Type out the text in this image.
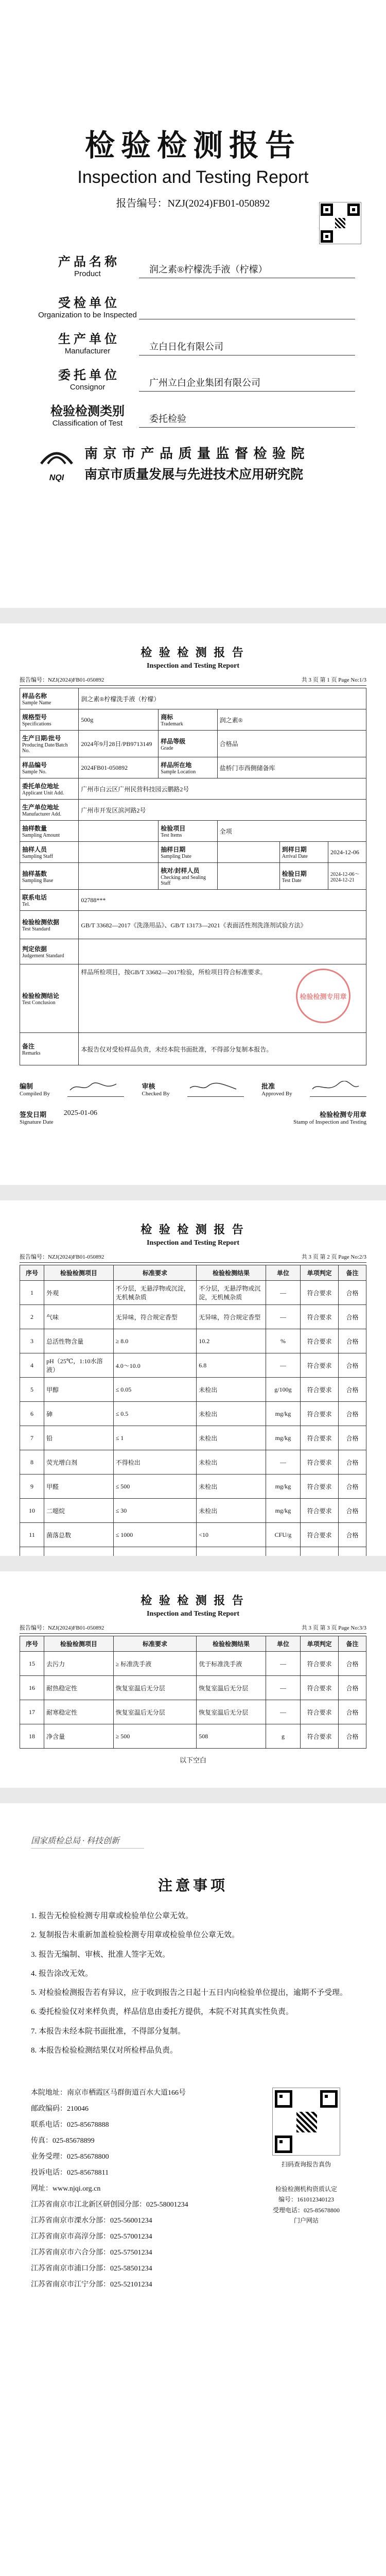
检验检测报告
Inspection and Testing Report
报告编号：NZJ(2024)FB01-050892
产 品 名 称
Product	润之素®柠檬洗手液（柠檬）
受 检 单 位
Organization to be Inspected
生 产 单 位
Manufacturer	立白日化有限公司
委 托 单 位
Consignor	广州立白企业集团有限公司
检验检测类别
Classification of Test	委托检验
NQI
南 京 市 产 品 质 量 监 督 检 验 院
南京市质量发展与先进技术应用研究院
检 验 检 测 报 告
Inspection and Testing Report
报告编号：NZJ(2024)FB01-050892	共 3 页 第 1 页 Page No:1/3
样品名称
Sample Name	润之素®柠檬洗手液（柠檬）				
规格型号
Specifications	500g	商标
Trademark	润之素®		
生产日期/批号
Producing Date/Batch No.	2024年9月28日/PB9713149	样品等级
Grade	合格品		
样品编号
Sample No.	2024FB01-050892	样品所在地
Sample Location	盐桥门市西侧储备库		
委托单位地址
Applicant Unit Add.	广州市白云区广州民营科技园云鹏路2号				
生产单位地址
Manufacturer Add.	广州市开发区滨河路2号				
抽样数量
Sampling Amount		检验项目
Test Items	全项		
抽样人员
Sampling Staff		抽样日期
Sampling Date		到样日期
Arrival Date	2024-12-06
抽样基数
Sampling Base		核对/封样人员
Checking and Sealing Staff		检验日期
Test Date	2024-12-06～2024-12-21
联系电话
Tel.	02788***				
检验检测依据
Test Standard	GB/T 33682—2017《洗涤用品》、GB/T 13173—2021《表面活性剂洗涤剂试验方法》				
判定依据
Judgement Standard					

检验检测结论
Test Conclusion	样品所检项目，按GB/T 33682—2017检验，所检项目符合标准要求。
检验检测专用章				

备注
Remarks	本报告仅对受检样品负责，未经本院书面批准，不得部分复制本报告。				
编制
Compiled By
审核
Checked By
批准
Approved By
签发日期
Signature Date
2025-01-06	检验检测专用章
Stamp of Inspection and Testing
检 验 检 测 报 告
Inspection and Testing Report
报告编号：NZJ(2024)FB01-050892	共 3 页 第 2 页 Page No:2/3
序号	检验检测项目	标准要求	检验检测结果	单位	单项判定	备注
1	外观	不分层，无悬浮物或沉淀，无机械杂质	不分层，无悬浮物或沉淀，无机械杂质	—	符合要求	合格
2	气味	无异味，符合规定香型	无异味，符合规定香型	—	符合要求	合格
3	总活性物含量	≥ 8.0	10.2	%	符合要求	合格
4	pH（25℃，1:10水溶液）	4.0～10.0	6.8	—	符合要求	合格
5	甲醇	≤ 0.05	未检出	g/100g	符合要求	合格
6	砷	≤ 0.5	未检出	mg/kg	符合要求	合格
7	铅	≤ 1	未检出	mg/kg	符合要求	合格
8	荧光增白剂	不得检出	未检出	—	符合要求	合格
9	甲醛	≤ 500	未检出	mg/kg	符合要求	合格
10	二噁烷	≤ 30	未检出	mg/kg	符合要求	合格
11	菌落总数	≤ 1000	<10	CFU/g	符合要求	合格

检 验 检 测 报 告
Inspection and Testing Report
报告编号：NZJ(2024)FB01-050892	共 3 页 第 3 页 Page No:3/3
序号	检验检测项目	标准要求	检验检测结果	单位	单项判定	备注
15	去污力	≥ 标准洗手液	优于标准洗手液	—	符合要求	合格
16	耐热稳定性	恢复室温后无分层	恢复室温后无分层	—	符合要求	合格
17	耐寒稳定性	恢复室温后无分层	恢复室温后无分层	—	符合要求	合格
18	净含量	≥ 500	508	g	符合要求	合格
以下空白
国家质检总局 · 科技创新
注意事项

1. 报告无检验检测专用章或检验单位公章无效。

2. 复制报告未重新加盖检验检测专用章或检验单位公章无效。

3. 报告无编制、审核、批准人签字无效。

4. 报告涂改无效。

5. 对检验检测报告若有异议，应于收到报告之日起十五日内向检验单位提出，逾期不予受理。

6. 委托检验仅对来样负责，样品信息由委托方提供，本院不对其真实性负责。

7. 本报告未经本院书面批准，不得部分复制。

8. 本报告检验检测结果仅对所检样品负责。

本院地址：南京市栖霞区马群街道百水大道166号

邮政编码：210046

联系电话：025-85678888

传真：025-85678899

业务受理：025-85678800

投诉电话：025-85678811

网址：www.njqi.org.cn

江苏省南京市江北新区研创园分部：025-58001234

江苏省南京市溧水分部：025-56001234

江苏省南京市高淳分部：025-57001234

江苏省南京市六合分部：025-57501234

江苏省南京市浦口分部：025-58501234

江苏省南京市江宁分部：025-52101234

扫码查询报告真伪
检验检测机构资质认定
编号：161012340123
受理电话：025-85678800
门户网站
